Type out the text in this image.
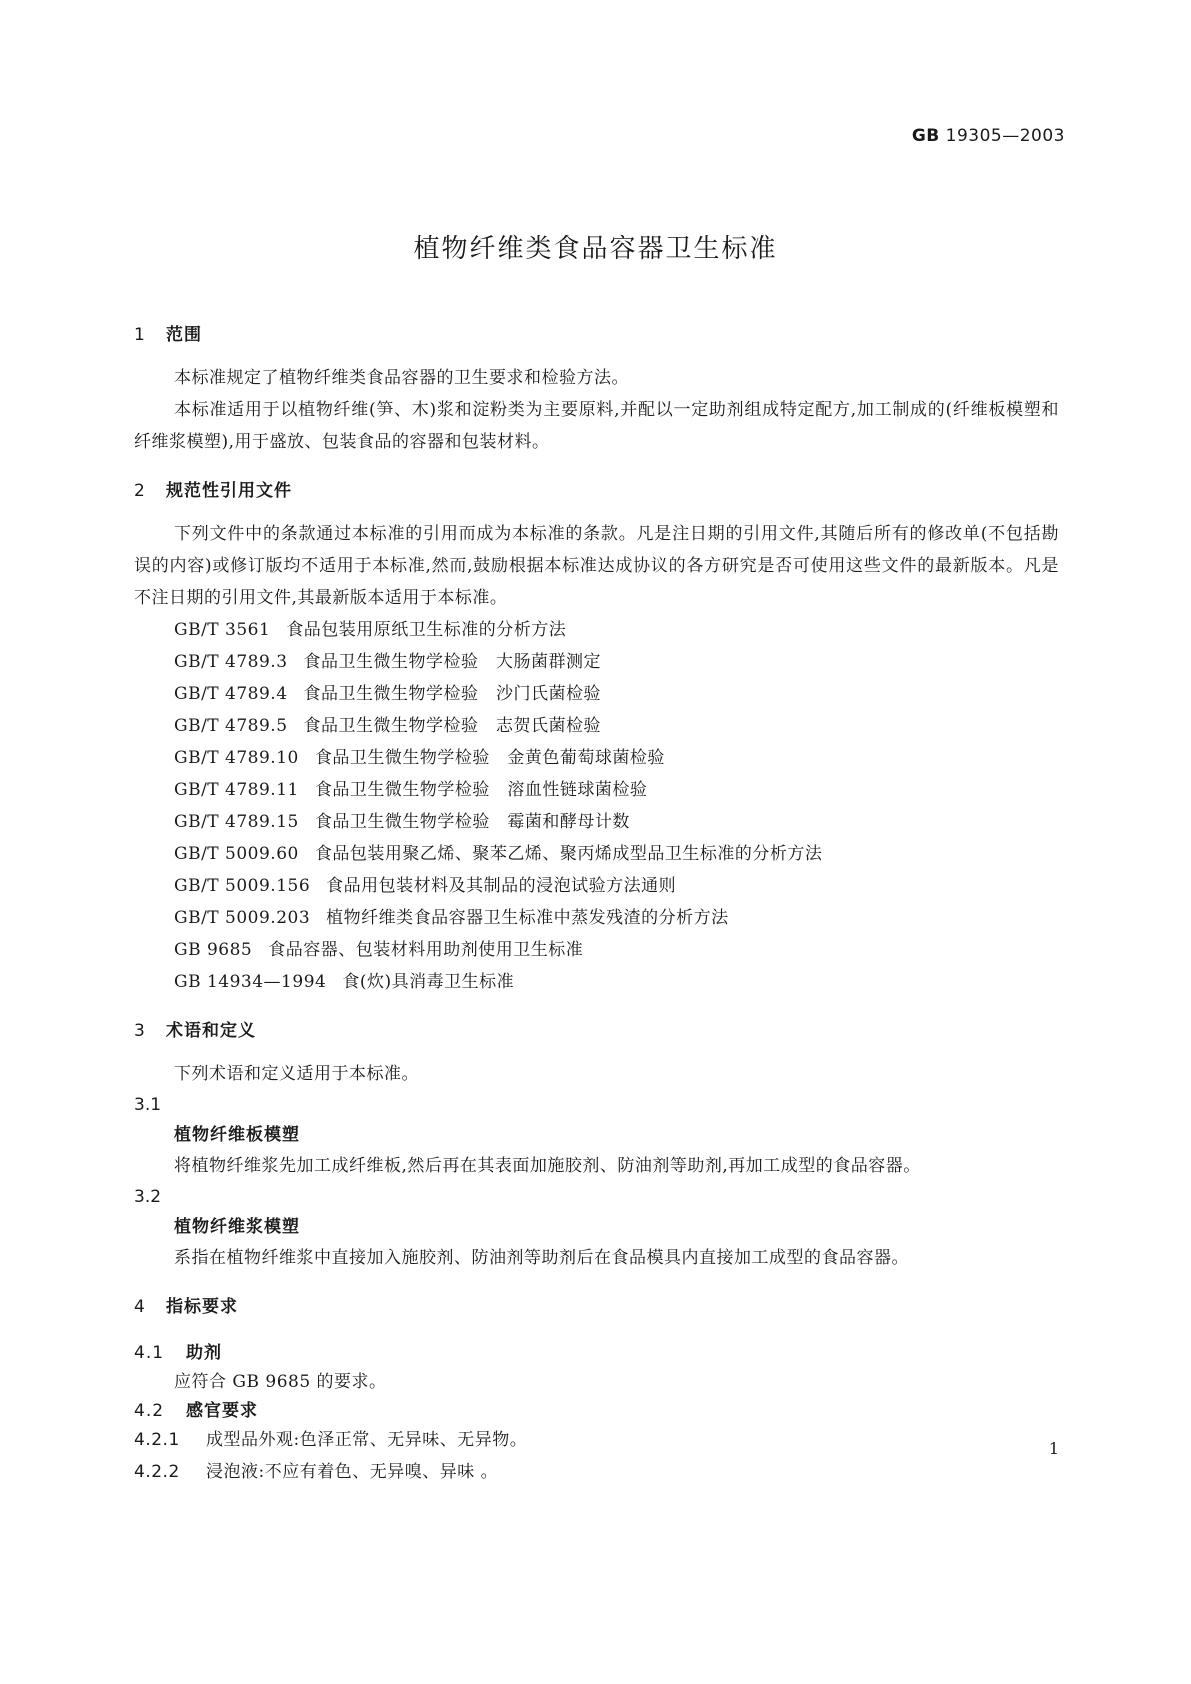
GB 19305—2003
植物纤维类食品容器卫生标准
1 范围
本标准规定了植物纤维类食品容器的卫生要求和检验方法。
本标准适用于以植物纤维(笋、木)浆和淀粉类为主要原料,并配以一定助剂组成特定配方,加工制成的(纤维板模塑和纤维浆模塑),用于盛放、包装食品的容器和包装材料。
2 规范性引用文件
下列文件中的条款通过本标准的引用而成为本标准的条款。凡是注日期的引用文件,其随后所有的修改单(不包括勘误的内容)或修订版均不适用于本标准,然而,鼓励根据本标准达成协议的各方研究是否可使用这些文件的最新版本。凡是不注日期的引用文件,其最新版本适用于本标准。
GB/T 3561 食品包装用原纸卫生标准的分析方法
GB/T 4789.3 食品卫生微生物学检验　大肠菌群测定
GB/T 4789.4 食品卫生微生物学检验　沙门氏菌检验
GB/T 4789.5 食品卫生微生物学检验　志贺氏菌检验
GB/T 4789.10 食品卫生微生物学检验　金黄色葡萄球菌检验
GB/T 4789.11 食品卫生微生物学检验　溶血性链球菌检验
GB/T 4789.15 食品卫生微生物学检验　霉菌和酵母计数
GB/T 5009.60 食品包装用聚乙烯、聚苯乙烯、聚丙烯成型品卫生标准的分析方法
GB/T 5009.156 食品用包装材料及其制品的浸泡试验方法通则
GB/T 5009.203 植物纤维类食品容器卫生标准中蒸发残渣的分析方法
GB 9685 食品容器、包装材料用助剂使用卫生标准
GB 14934—1994 食(炊)具消毒卫生标准
3 术语和定义
下列术语和定义适用于本标准。
3.1
植物纤维板模塑
将植物纤维浆先加工成纤维板,然后再在其表面加施胶剂、防油剂等助剂,再加工成型的食品容器。
3.2
植物纤维浆模塑
系指在植物纤维浆中直接加入施胶剂、防油剂等助剂后在食品模具内直接加工成型的食品容器。
4 指标要求
4.1 助剂
应符合 GB 9685 的要求。
4.2 感官要求
4.2.1 成型品外观:色泽正常、无异味、无异物。
4.2.2 浸泡液:不应有着色、无异嗅、异味 。
1
